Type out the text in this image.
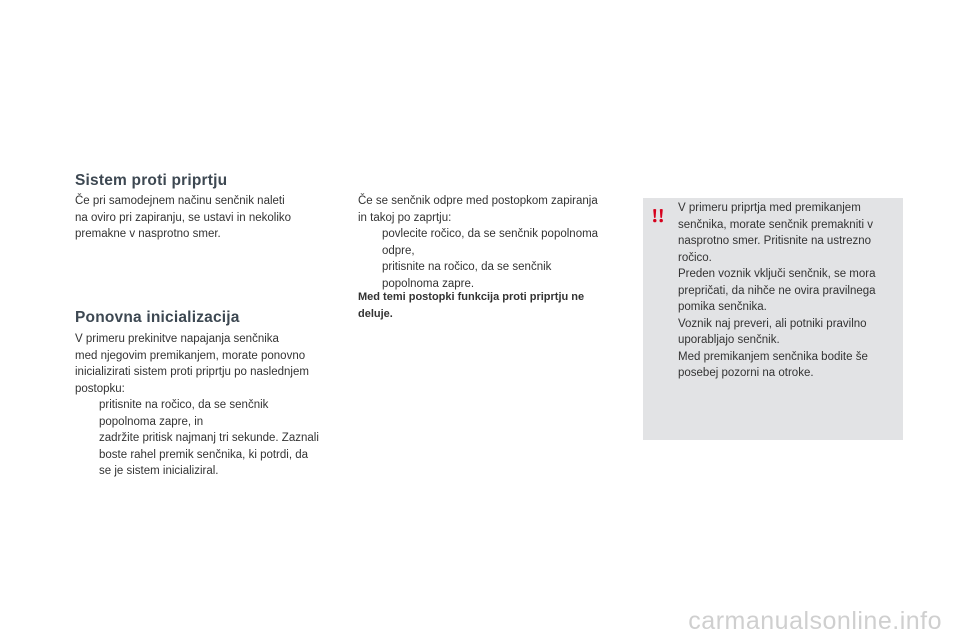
Sistem proti priprtju

Če pri samodejnem načinu senčnik naleti
na oviro pri zapiranju, se ustavi in nekoliko
premakne v nasprotno smer.

Ponovna inicializacija

V primeru prekinitve napajanja senčnika
med njegovim premikanjem, morate ponovno
inicializirati sistem proti priprtju po naslednjem
postopku:

pritisnite na ročico, da se senčnik
popolnoma zapre, in
zadržite pritisk najmanj tri sekunde. Zaznali
boste rahel premik senčnika, ki potrdi, da
se je sistem inicializiral.

Če se senčnik odpre med postopkom zapiranja
in takoj po zaprtju:

povlecite ročico, da se senčnik popolnoma
odpre,
pritisnite na ročico, da se senčnik
popolnoma zapre.

Med temi postopki funkcija proti priprtju ne
deluje.

V primeru priprtja med premikanjem
senčnika, morate senčnik premakniti v
nasprotno smer. Pritisnite na ustrezno
ročico.
Preden voznik vključi senčnik, se mora
prepričati, da nihče ne ovira pravilnega
pomika senčnika.
Voznik naj preveri, ali potniki pravilno
uporabljajo senčnik.
Med premikanjem senčnika bodite še
posebej pozorni na otroke.

carmanualsonline.info
